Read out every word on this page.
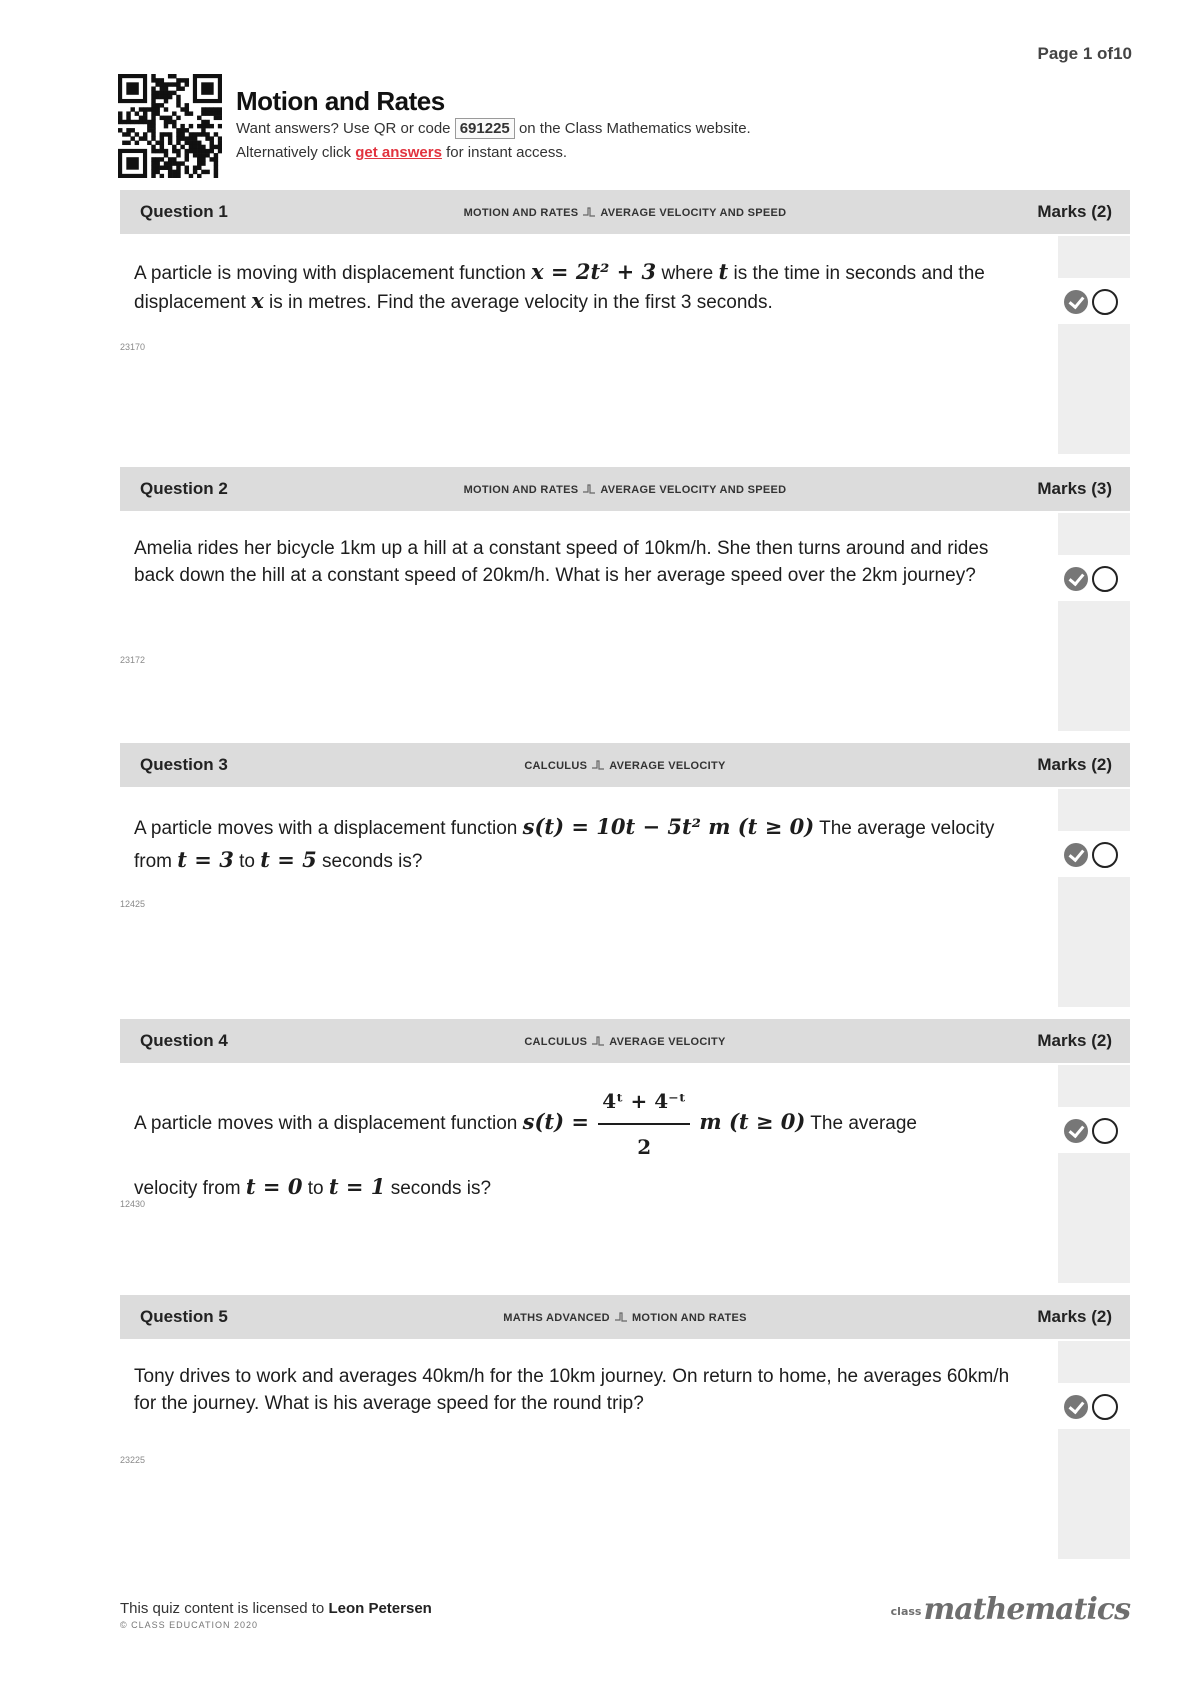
Page 1 of10
Motion and Rates
Want answers? Use QR or code 691225 on the Class Mathematics website.
Alternatively click get answers for instant access.
Question 1	MOTION AND RATES AVERAGE VELOCITY AND SPEED	Marks (2)
A particle is moving with displacement function x = 2t² + 3 where t is the time in seconds and the displacement x is in metres. Find the average velocity in the first 3 seconds.
23170
Question 2	MOTION AND RATES AVERAGE VELOCITY AND SPEED	Marks (3)
Amelia rides her bicycle 1km up a hill at a constant speed of 10km/h. She then turns around and rides back down the hill at a constant speed of 20km/h. What is her average speed over the 2km journey?
23172
Question 3	CALCULUS AVERAGE VELOCITY	Marks (2)
A particle moves with a displacement function s(t) = 10t − 5t² m (t ≥ 0) The average velocity from t = 3 to t = 5 seconds is?
12425
Question 4	CALCULUS AVERAGE VELOCITY	Marks (2)
A particle moves with a displacement function $s(t) = \frac{\text{4ᵗ + 4⁻ᵗ}}{2}$ m (t ≥ 0) The average
velocity from t = 0 to t = 1 seconds is?
12430
Question 5	MATHS ADVANCED MOTION AND RATES	Marks (2)
Tony drives to work and averages 40km/h for the 10km journey. On return to home, he averages 60km/h for the journey. What is his average speed for the round trip?
23225
This quiz content is licensed to Leon Petersen
© CLASS EDUCATION 2020
classmathematics
